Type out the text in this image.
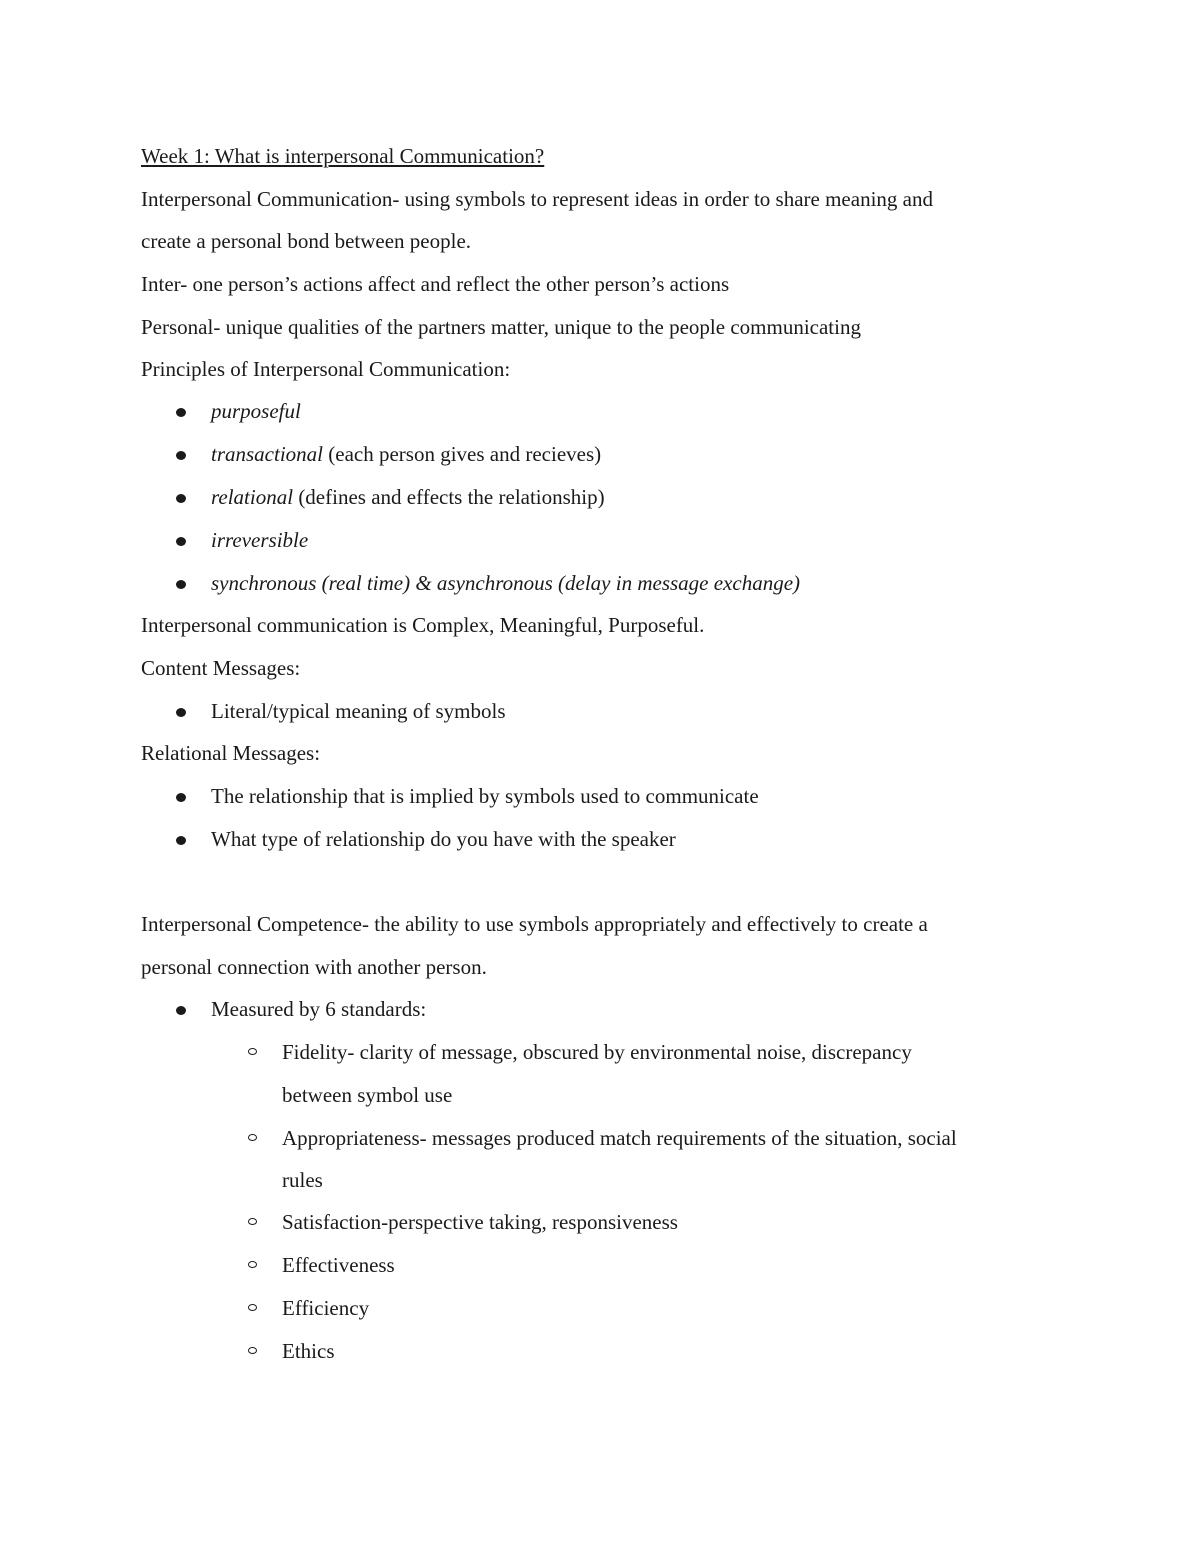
Week 1: What is interpersonal Communication?
Interpersonal Communication- using symbols to represent ideas in order to share meaning and
create a personal bond between people.
Inter- one person’s actions affect and reflect the other person’s actions
Personal- unique qualities of the partners matter, unique to the people communicating
Principles of Interpersonal Communication:
purposeful
transactional (each person gives and recieves)
relational (defines and effects the relationship)
irreversible
synchronous (real time) & asynchronous (delay in message exchange)
Interpersonal communication is Complex, Meaningful, Purposeful.
Content Messages:
Literal/typical meaning of symbols
Relational Messages:
The relationship that is implied by symbols used to communicate
What type of relationship do you have with the speaker
Interpersonal Competence- the ability to use symbols appropriately and effectively to create a
personal connection with another person.
Measured by 6 standards:
Fidelity- clarity of message, obscured by environmental noise, discrepancy
between symbol use
Appropriateness- messages produced match requirements of the situation, social
rules
Satisfaction-perspective taking, responsiveness
Effectiveness
Efficiency
Ethics
